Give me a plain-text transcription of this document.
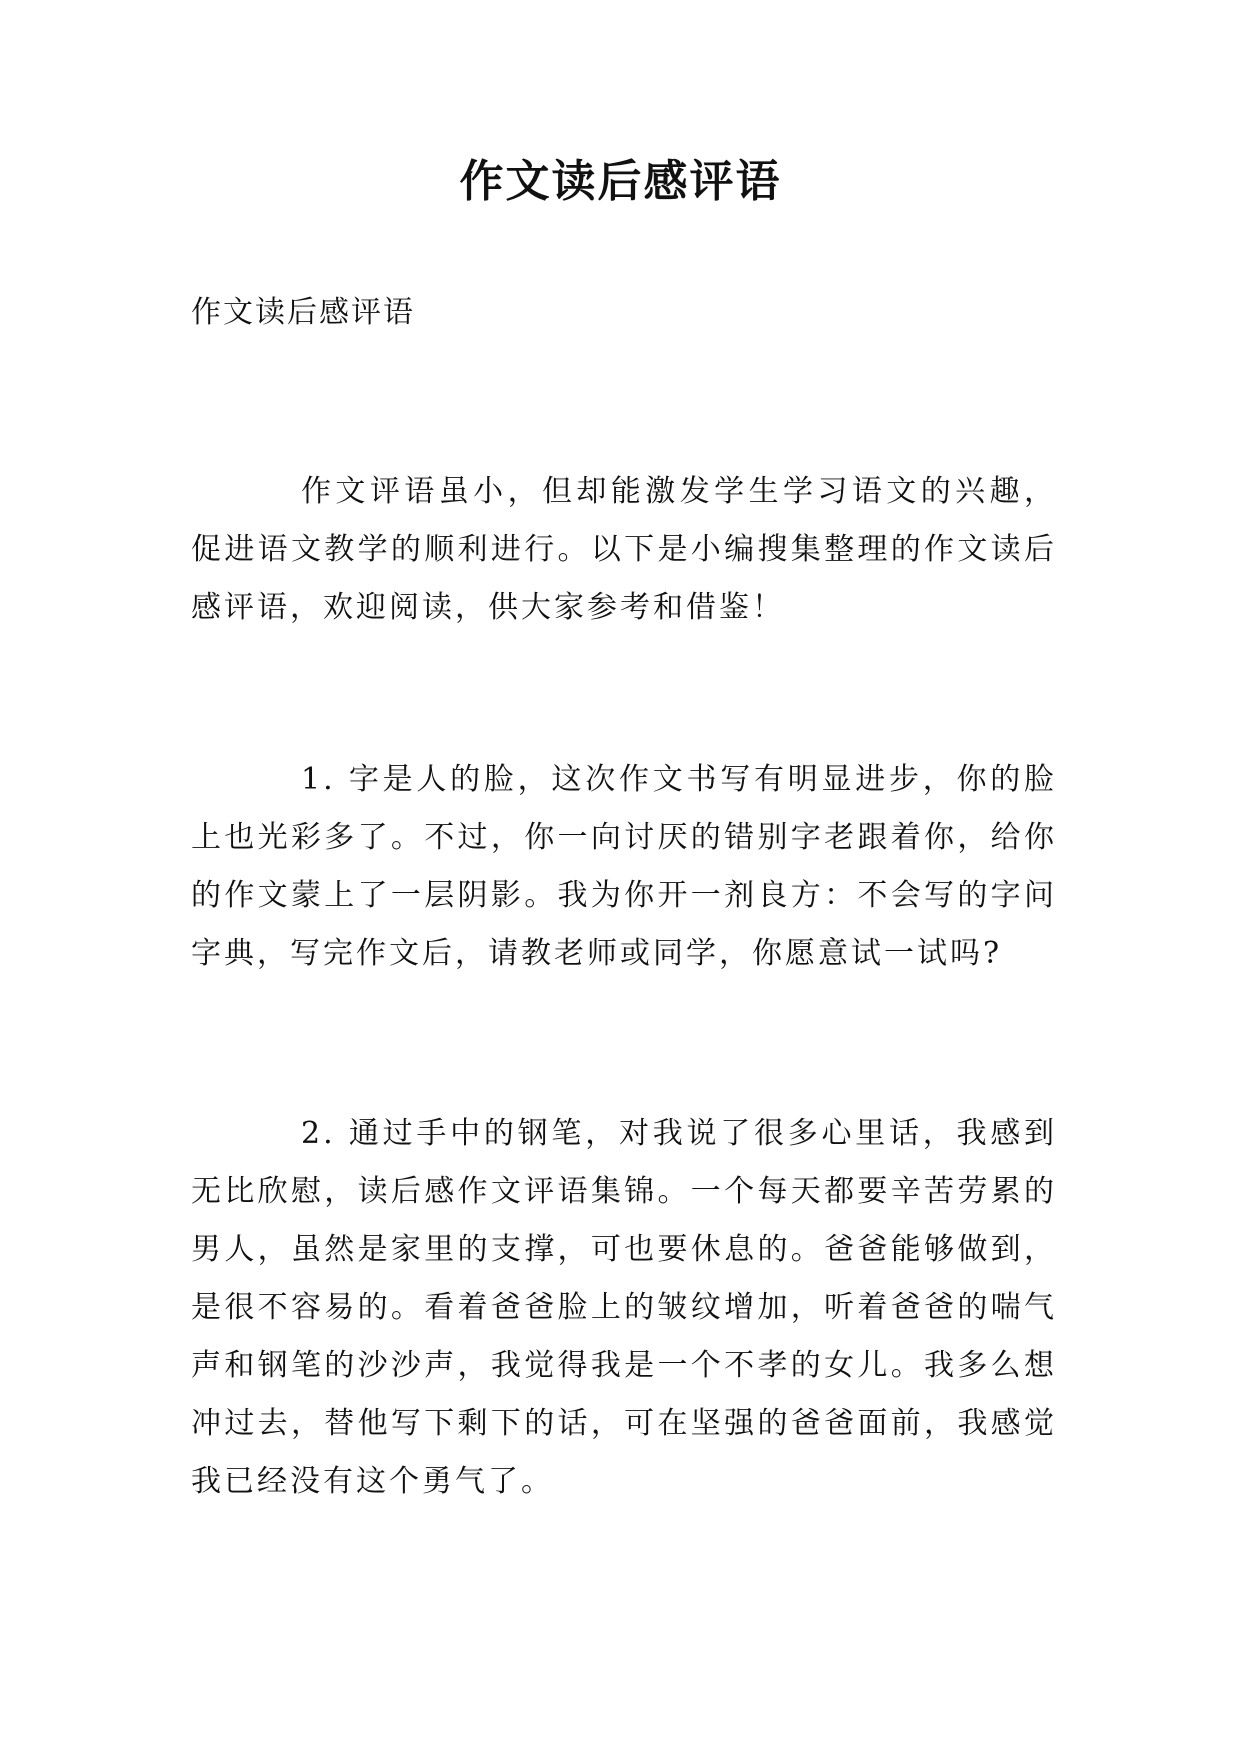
作文读后感评语

作文读后感评语

作文评语虽小，但却能激发学生学习语文的兴趣，促进语文教学的顺利进行。以下是小编搜集整理的作文读后感评语，欢迎阅读，供大家参考和借鉴！

1. 字是人的脸，这次作文书写有明显进步，你的脸上也光彩多了。不过，你一向讨厌的错别字老跟着你，给你的作文蒙上了一层阴影。我为你开一剂良方：不会写的字问字典，写完作文后，请教老师或同学，你愿意试一试吗?

2. 通过手中的钢笔，对我说了很多心里话，我感到无比欣慰，读后感作文评语集锦。一个每天都要辛苦劳累的男人，虽然是家里的支撑，可也要休息的。爸爸能够做到，是很不容易的。看着爸爸脸上的皱纹增加，听着爸爸的喘气声和钢笔的沙沙声，我觉得我是一个不孝的女儿。我多么想冲过去，替他写下剩下的话，可在坚强的爸爸面前，我感觉我已经没有这个勇气了。
